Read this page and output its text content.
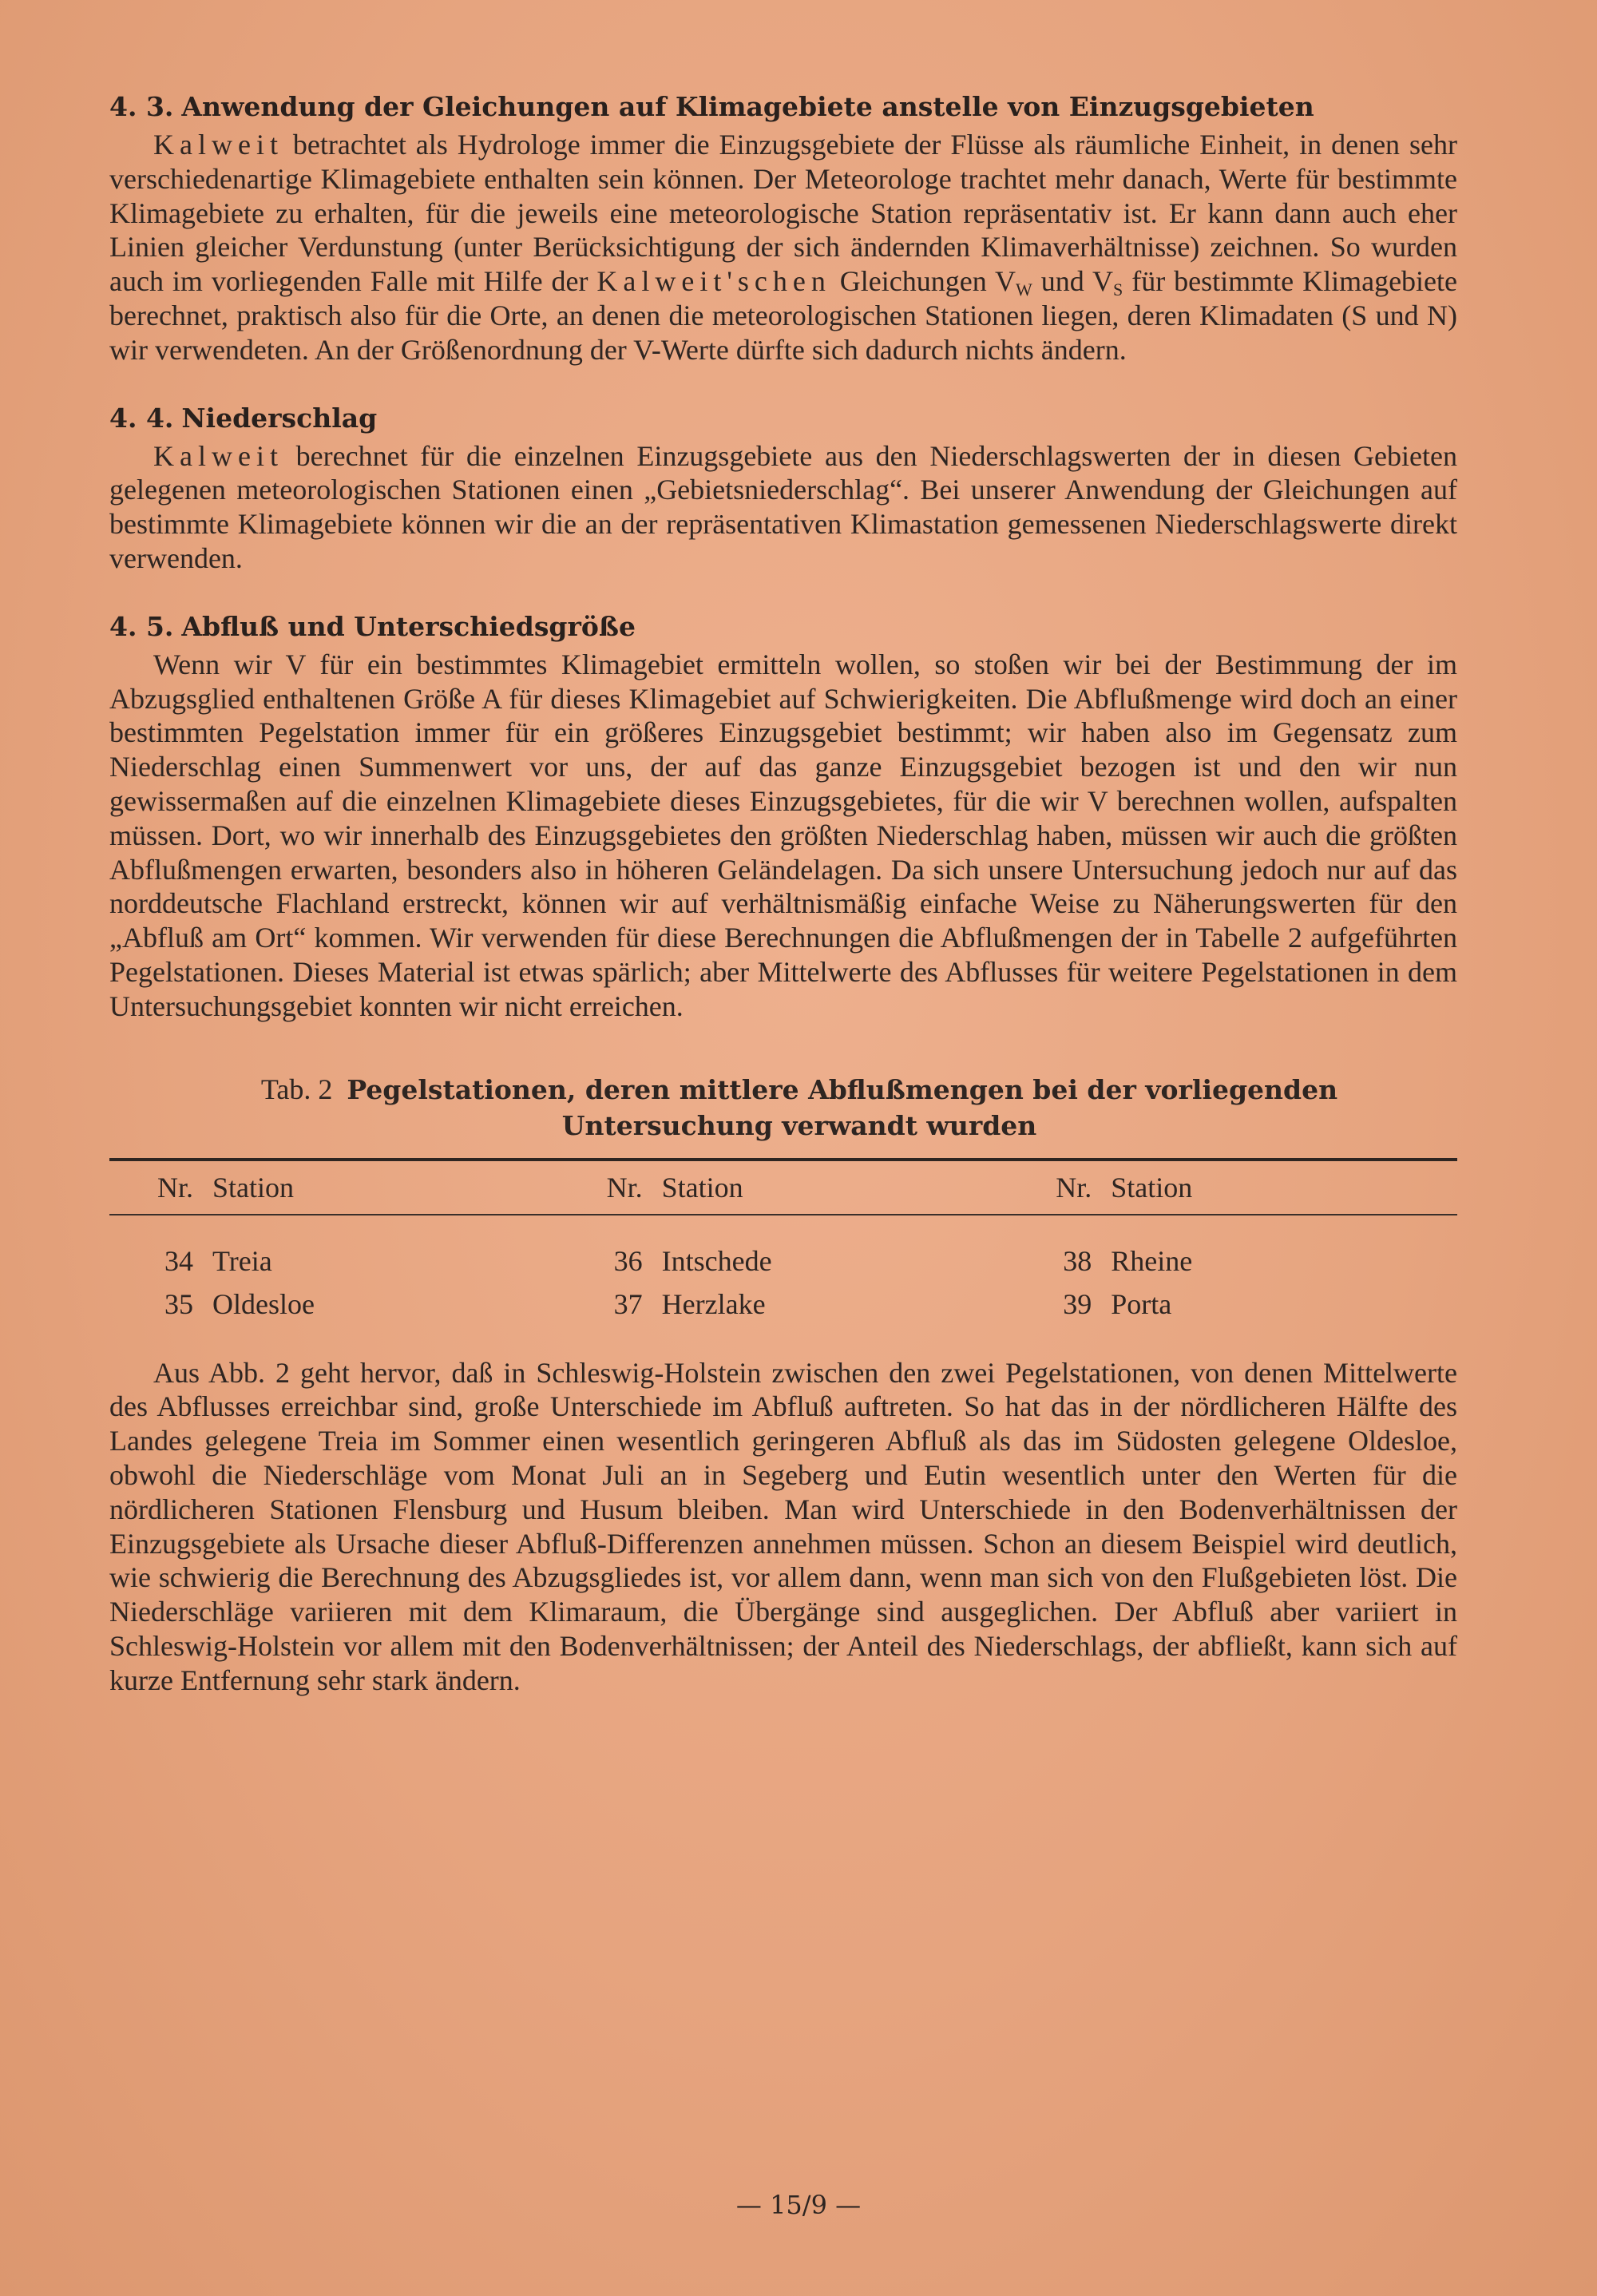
4. 3. Anwendung der Gleichungen auf Klimagebiete anstelle von Einzugsgebieten

Kalweit betrachtet als Hydrologe immer die Einzugsgebiete der Flüsse als räumliche Einheit, in denen sehr verschiedenartige Klimagebiete enthalten sein können. Der Meteorologe trachtet mehr danach, Werte für bestimmte Klimagebiete zu erhalten, für die jeweils eine meteorologische Station repräsentativ ist. Er kann dann auch eher Linien gleicher Verdunstung (unter Berücksichtigung der sich ändernden Klimaverhältnisse) zeichnen. So wurden auch im vorliegenden Falle mit Hilfe der Kalweit'schen Gleichungen $V_W$ und $V_S$ für bestimmte Klimagebiete berechnet, praktisch also für die Orte, an denen die meteorologischen Stationen liegen, deren Klimadaten (S und N) wir verwendeten. An der Größenordnung der V-Werte dürfte sich dadurch nichts ändern.

4. 4. Niederschlag

Kalweit berechnet für die einzelnen Einzugsgebiete aus den Niederschlagswerten der in diesen Gebieten gelegenen meteorologischen Stationen einen „Gebietsniederschlag“. Bei unserer Anwendung der Gleichungen auf bestimmte Klimagebiete können wir die an der repräsentativen Klimastation gemessenen Niederschlagswerte direkt verwenden.

4. 5. Abfluß und Unterschiedsgröße

Wenn wir V für ein bestimmtes Klimagebiet ermitteln wollen, so stoßen wir bei der Bestimmung der im Abzugsglied enthaltenen Größe A für dieses Klimagebiet auf Schwierigkeiten. Die Abflußmenge wird doch an einer bestimmten Pegelstation immer für ein größeres Einzugsgebiet bestimmt; wir haben also im Gegensatz zum Niederschlag einen Summenwert vor uns, der auf das ganze Einzugsgebiet bezogen ist und den wir nun gewissermaßen auf die einzelnen Klimagebiete dieses Einzugsgebietes, für die wir V berechnen wollen, aufspalten müssen. Dort, wo wir innerhalb des Einzugsgebietes den größten Niederschlag haben, müssen wir auch die größten Abflußmengen erwarten, besonders also in höheren Geländelagen. Da sich unsere Untersuchung jedoch nur auf das norddeutsche Flachland erstreckt, können wir auf verhältnismäßig einfache Weise zu Näherungswerten für den „Abfluß am Ort“ kommen. Wir verwenden für diese Berechnungen die Abflußmengen der in Tabelle 2 aufgeführten Pegelstationen. Dieses Material ist etwas spärlich; aber Mittelwerte des Abflusses für weitere Pegelstationen in dem Untersuchungsgebiet konnten wir nicht erreichen.

Tab. 2 Pegelstationen, deren mittlere Abflußmengen bei der vorliegenden
Untersuchung verwandt wurden
Nr.	Station	Nr.	Station	Nr.	Station

34	Treia	36	Intschede	38	Rheine
35	Oldesloe	37	Herzlake	39	Porta

Aus Abb. 2 geht hervor, daß in Schleswig-Holstein zwischen den zwei Pegelstationen, von denen Mittelwerte des Abflusses erreichbar sind, große Unterschiede im Abfluß auftreten. So hat das in der nördlicheren Hälfte des Landes gelegene Treia im Sommer einen wesentlich geringeren Abfluß als das im Südosten gelegene Oldesloe, obwohl die Niederschläge vom Monat Juli an in Segeberg und Eutin wesentlich unter den Werten für die nördlicheren Stationen Flensburg und Husum bleiben. Man wird Unterschiede in den Bodenverhältnissen der Einzugsgebiete als Ursache dieser Abfluß-Differenzen annehmen müssen. Schon an diesem Beispiel wird deutlich, wie schwierig die Berechnung des Abzugsgliedes ist, vor allem dann, wenn man sich von den Flußgebieten löst. Die Niederschläge variieren mit dem Klimaraum, die Übergänge sind ausgeglichen. Der Abfluß aber variiert in Schleswig-Holstein vor allem mit den Bodenverhältnissen; der Anteil des Niederschlags, der abfließt, kann sich auf kurze Entfernung sehr stark ändern.

— 15/9 —
